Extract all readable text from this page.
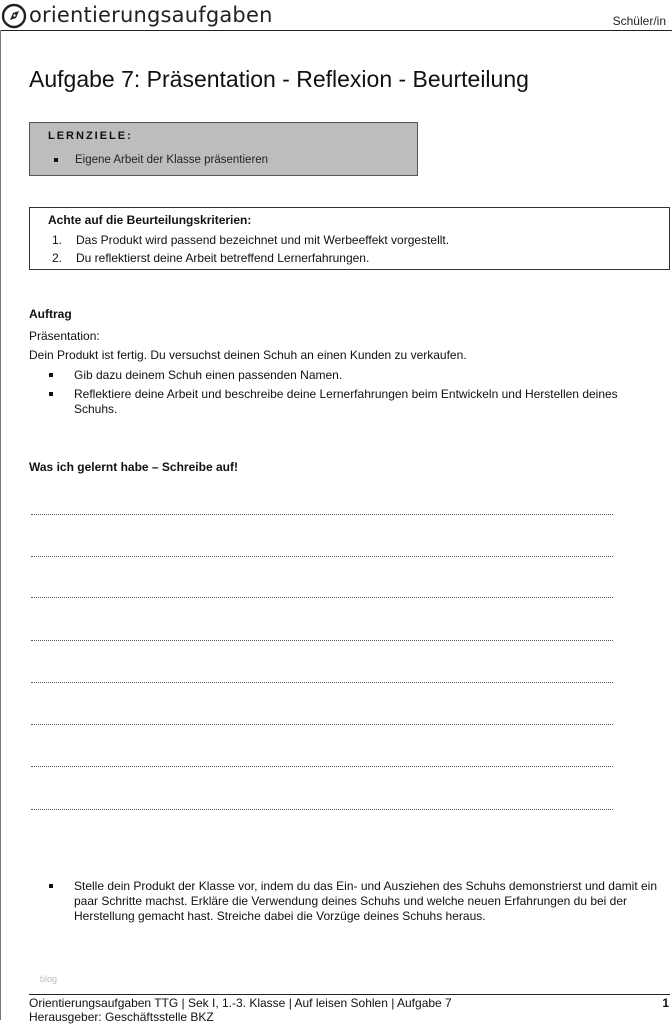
orientierungsaufgaben	Schüler/in
Aufgabe 7: Präsentation - Reflexion - Beurteilung
LERNZIELE:
Eigene Arbeit der Klasse präsentieren
Achte auf die Beurteilungskriterien:
1. Das Produkt wird passend bezeichnet und mit Werbeeffekt vorgestellt.
2. Du reflektierst deine Arbeit betreffend Lernerfahrungen.
Auftrag
Präsentation:
Dein Produkt ist fertig. Du versuchst deinen Schuh an einen Kunden zu verkaufen.
Gib dazu deinem Schuh einen passenden Namen.
Reflektiere deine Arbeit und beschreibe deine Lernerfahrungen beim Entwickeln und Herstellen deines Schuhs.
Was ich gelernt habe – Schreibe auf!
Stelle dein Produkt der Klasse vor, indem du das Ein- und Ausziehen des Schuhs demonstrierst und damit ein paar Schritte machst. Erkläre die Verwendung deines Schuhs und welche neuen Erfahrungen du bei der Herstellung gemacht hast. Streiche dabei die Vorzüge deines Schuhs heraus.
blog
Orientierungsaufgaben TTG | Sek I, 1.-3. Klasse | Auf leisen Sohlen | Aufgabe 7
Herausgeber: Geschäftsstelle BKZ
1
